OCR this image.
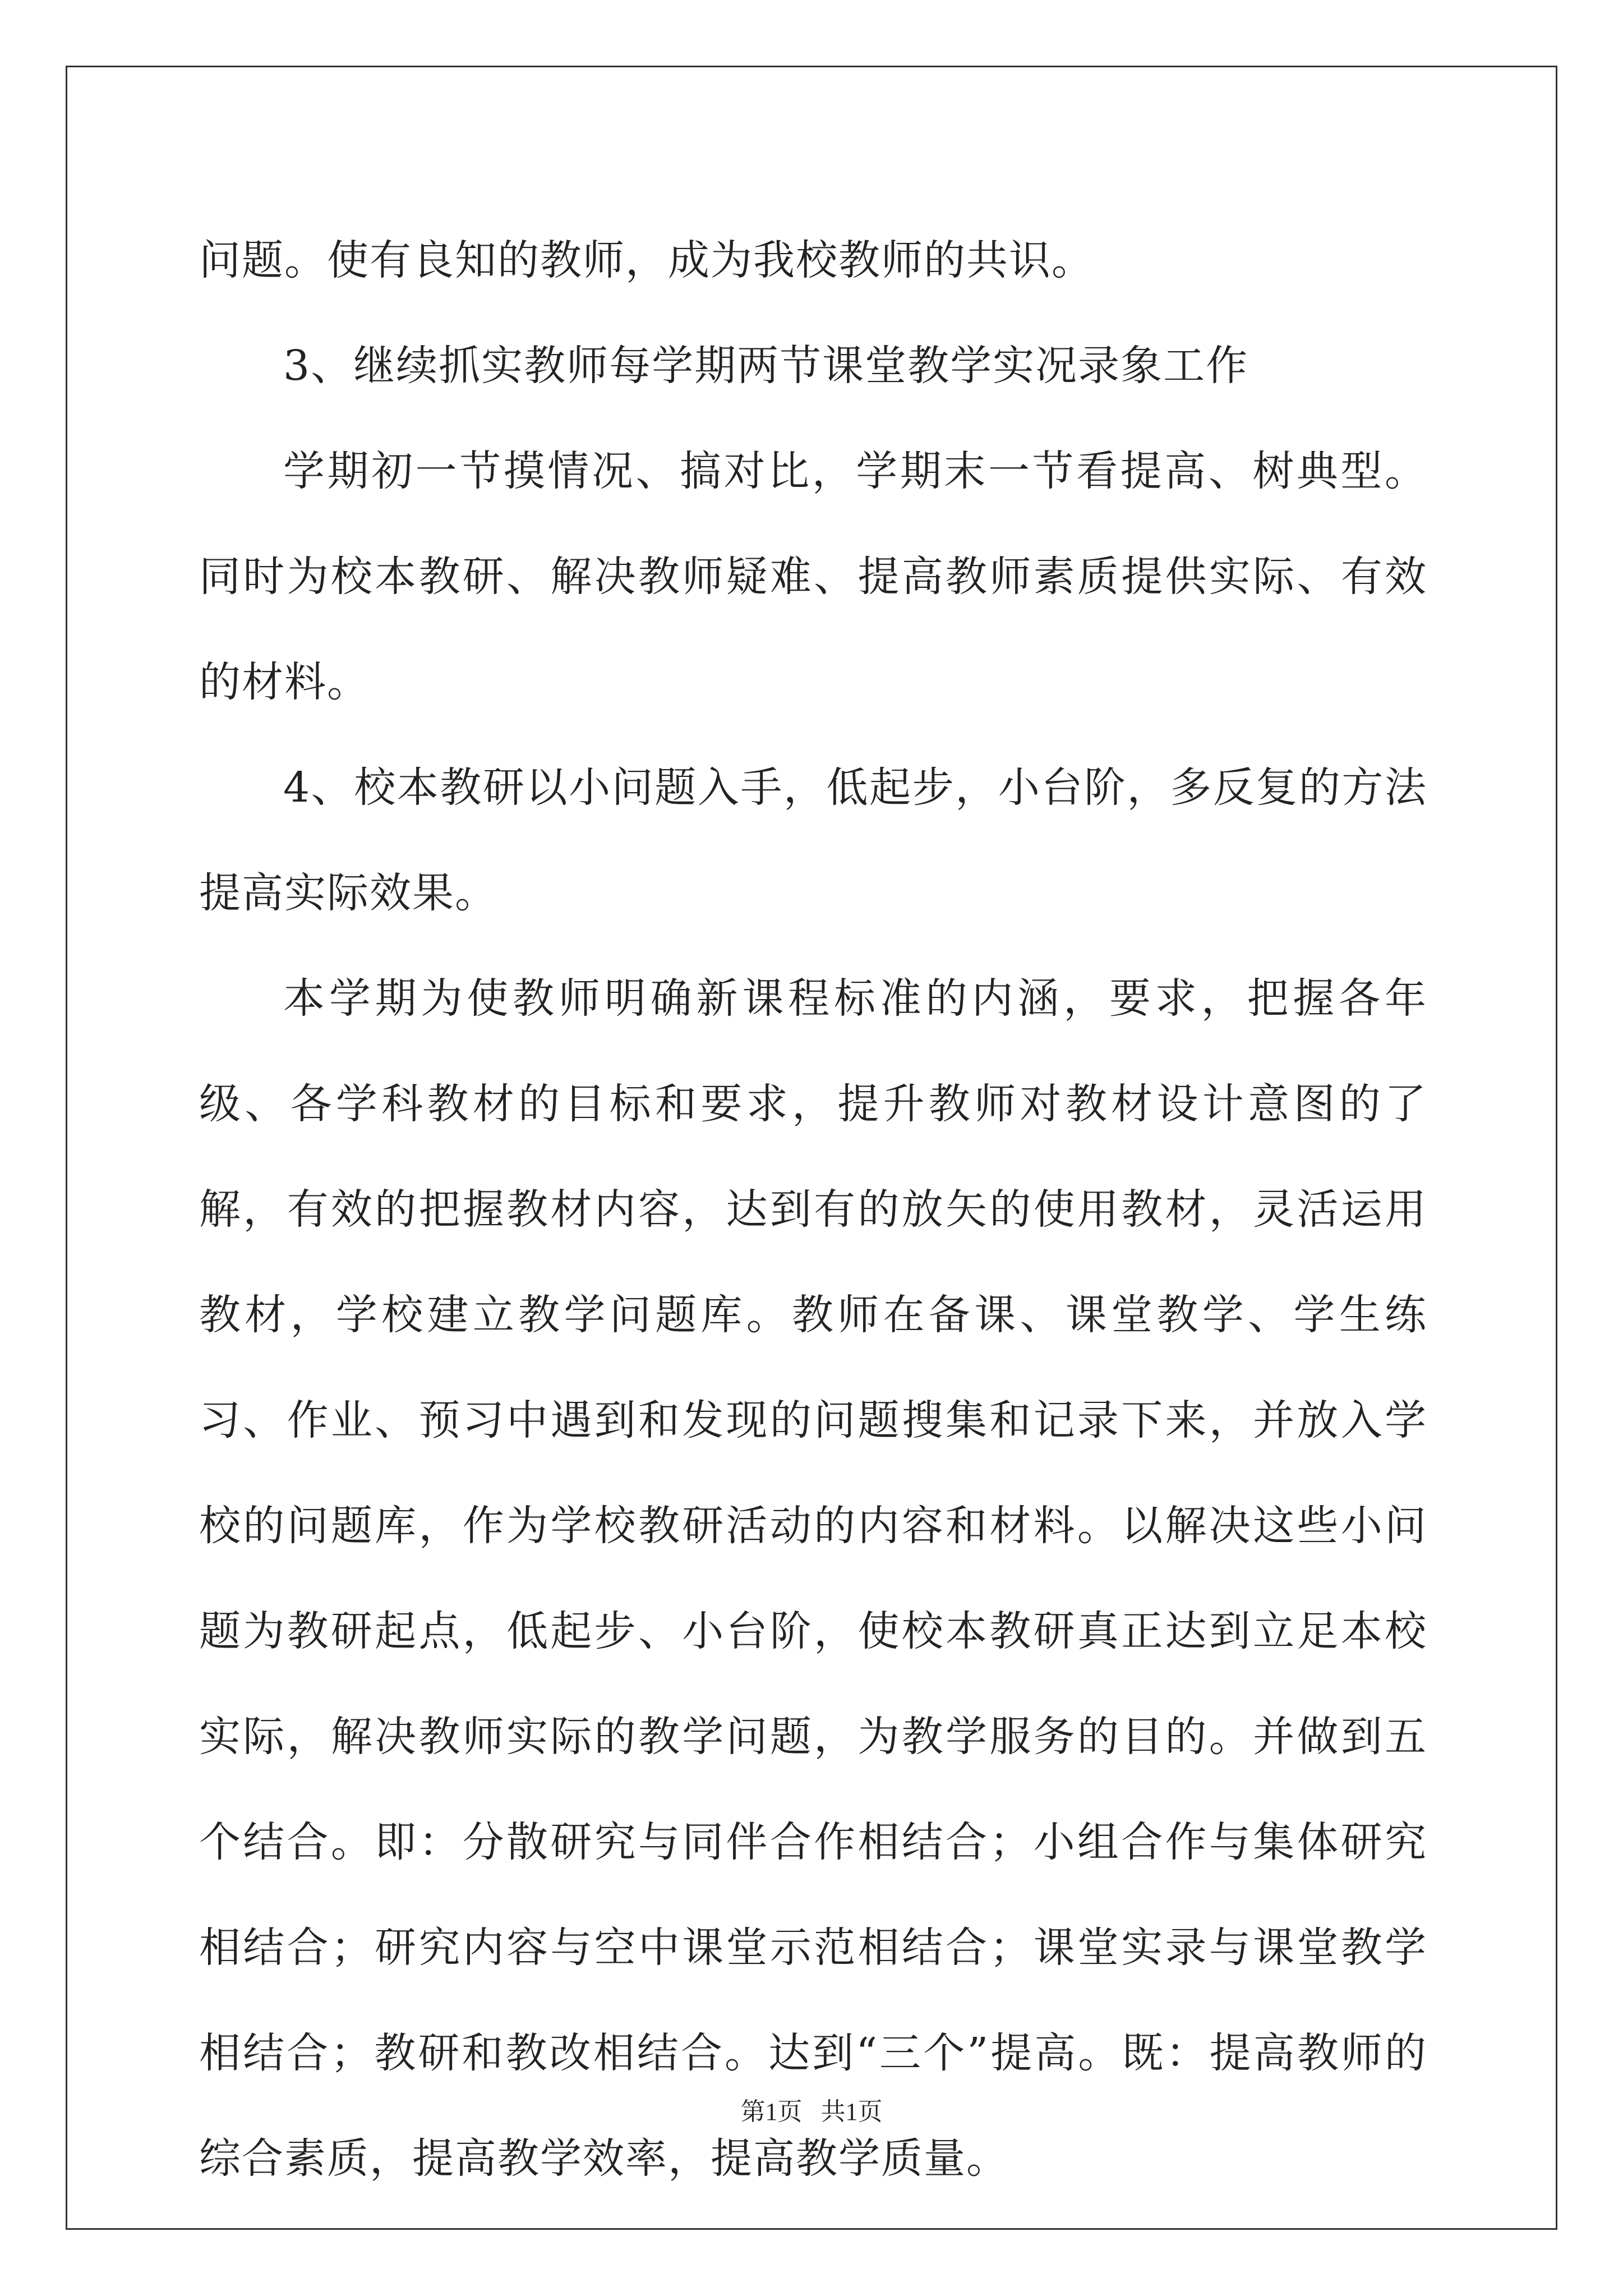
问题。使有良知的教师，成为我校教师的共识。

3、继续抓实教师每学期两节课堂教学实况录象工作

学期初一节摸情况、搞对比，学期末一节看提高、树典型。同时为校本教研、解决教师疑难、提高教师素质提供实际、有效的材料。

4、校本教研以小问题入手，低起步，小台阶，多反复的方法提高实际效果。

本学期为使教师明确新课程标准的内涵，要求，把握各年级、各学科教材的目标和要求，提升教师对教材设计意图的了解，有效的把握教材内容，达到有的放矢的使用教材，灵活运用教材，学校建立教学问题库。教师在备课、课堂教学、学生练习、作业、预习中遇到和发现的问题搜集和记录下来，并放入学校的问题库，作为学校教研活动的内容和材料。以解决这些小问题为教研起点，低起步、小台阶，使校本教研真正达到立足本校实际，解决教师实际的教学问题，为教学服务的目的。并做到五个结合。即：分散研究与同伴合作相结合；小组合作与集体研究相结合；研究内容与空中课堂示范相结合；课堂实录与课堂教学相结合；教研和教改相结合。达到“三个”提高。既：提高教师的综合素质，提高教学效率，提高教学质量。

第1页   共1页
